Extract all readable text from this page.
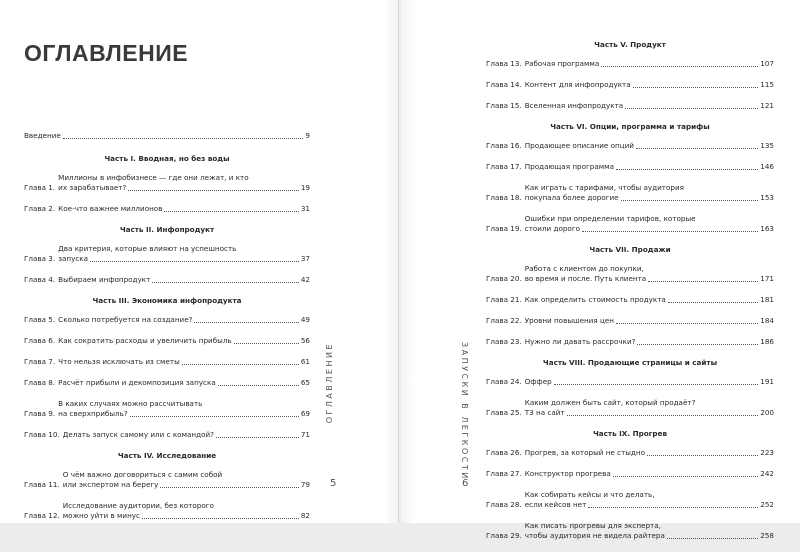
ОГЛАВЛЕНИЕ
Введение	9
Часть I. Вводная, но без воды
Глава 1.
Миллионы в инфобизнесе — где они лежат, и кто
их зарабатывает?	19
Глава 2. Кое-что важнее миллионов	31
Часть II. Инфопродукт
Глава 3.
Два критерия, которые влияют на успешность
запуска	37
Глава 4. Выбираем инфопродукт	42
Часть III. Экономика инфопродукта
Глава 5. Сколько потребуется на создание?	49
Глава 6. Как сократить расходы и увеличить прибыль	56
Глава 7. Что нельзя исключать из сметы	61
Глава 8. Расчёт прибыли и декомпозиция запуска	65
Глава 9.
В каких случаях можно рассчитывать
на сверхприбыль?	69
Глава 10. Делать запуск самому или с командой?	71
Часть IV. Исследование
Глава 11.
О чём важно договориться с самим собой
или экспертом на берегу	79
Глава 12.
Исследование аудитории, без которого
можно уйти в минус	82
ОГЛАВЛЕНИЕ
5
Часть V. Продукт
Глава 13. Рабочая программа	107
Глава 14. Контент для инфопродукта	115
Глава 15. Вселенная инфопродукта	121
Часть VI. Опции, программа и тарифы
Глава 16. Продающее описание опций	135
Глава 17. Продающая программа	146
Глава 18.
Как играть с тарифами, чтобы аудитория
покупала более дорогие	153
Глава 19.
Ошибки при определении тарифов, которые
стоили дорого	163
Часть VII. Продажи
Глава 20.
Работа с клиентом до покупки,
во время и после. Путь клиента	171
Глава 21. Как определить стоимость продукта	181
Глава 22. Уровни повышения цен	184
Глава 23. Нужно ли давать рассрочки?	186
Часть VIII. Продающие страницы и сайты
Глава 24. Оффер	191
Глава 25.
Каким должен быть сайт, который продаёт?
ТЗ на сайт	200
Часть IX. Прогрев
Глава 26. Прогрев, за который не стыдно	223
Глава 27. Конструктор прогрева	242
Глава 28.
Как собирать кейсы и что делать,
если кейсов нет	252
Глава 29.
Как писать прогревы для эксперта,
чтобы аудитория не видела райтера	258
ЗАПУСКИ В ЛЕГКОСТИ
6
